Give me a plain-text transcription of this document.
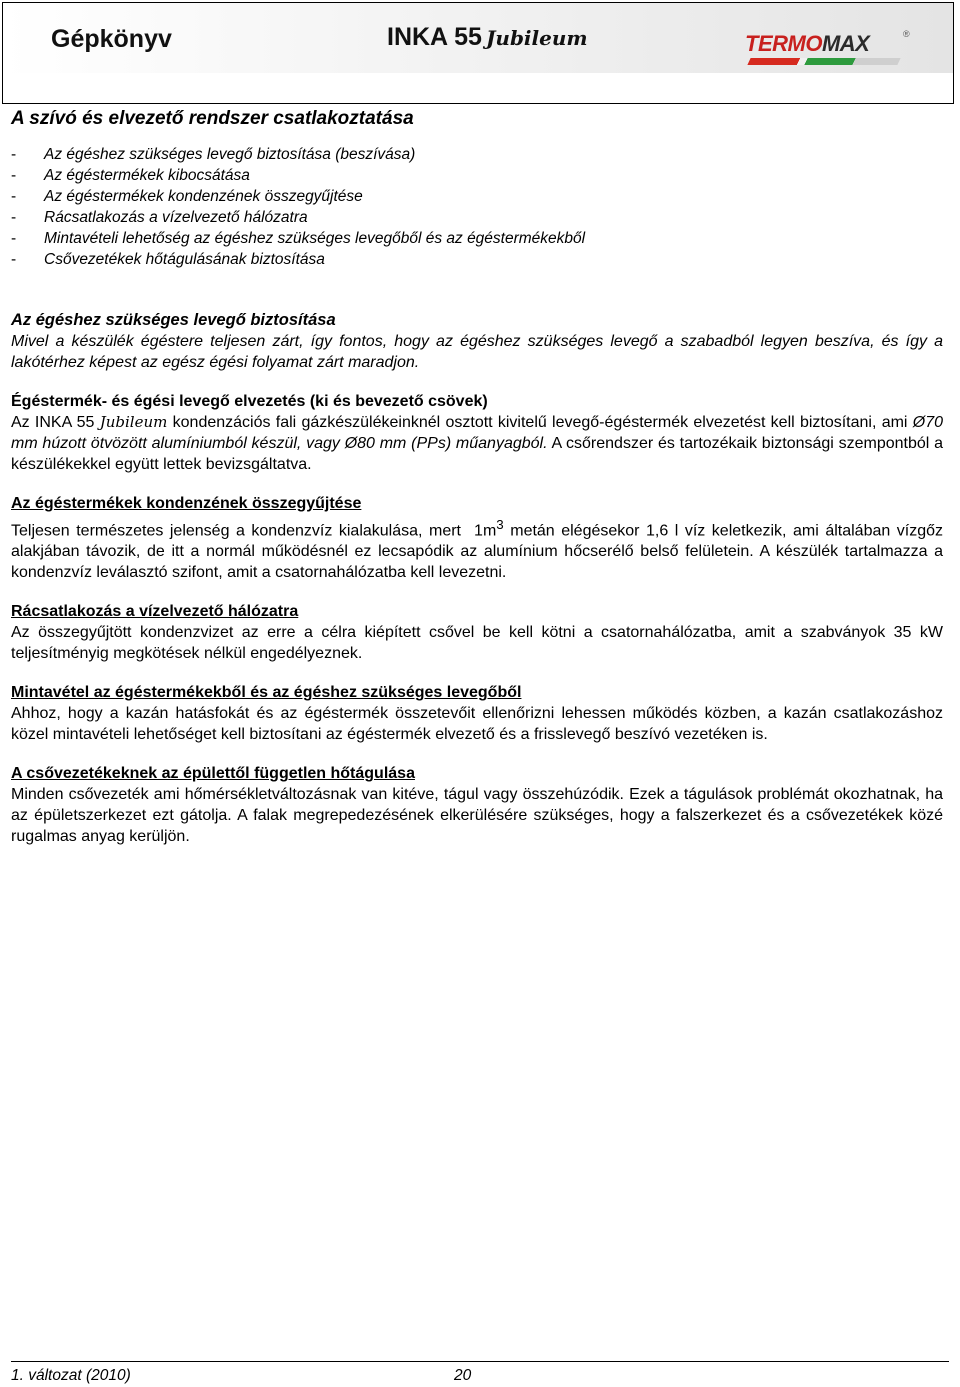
Gépkönyv	INKA 55 Jubileum	TERMOMAX	®
A szívó és elvezető rendszer csatlakoztatása
-	Az égéshez szükséges levegő biztosítása (beszívása)
-	Az égéstermékek kibocsátása
-	Az égéstermékek kondenzének összegyűjtése
-	Rácsatlakozás a vízelvezető hálózatra
-	Mintavételi lehetőség az égéshez szükséges levegőből és az égéstermékekből
-	Csővezetékek hőtágulásának biztosítása
Az égéshez szükséges levegő biztosítása

Mivel a készülék égéstere teljesen zárt, így fontos, hogy az égéshez szükséges levegő a szabadból legyen beszíva, és így a lakótérhez képest az egész égési folyamat zárt maradjon.

Égéstermék- és égési levegő elvezetés (ki és bevezető csövek)

Az INKA 55 Jubileum kondenzációs fali gázkészülékeinknél osztott kivitelű levegő-égéstermék elvezetést kell biztosítani, ami Ø70 mm húzott ötvözött alumíniumból készül, vagy Ø80 mm (PPs) műanyagból. A csőrendszer és tartozékaik biztonsági szempontból a készülékekkel együtt lettek bevizsgáltatva.

Az égéstermékek kondenzének összegyűjtése

Teljesen természetes jelenség a kondenzvíz kialakulása, mert $1m^3$ metán elégésekor 1,6 l víz keletkezik, ami általában vízgőz alakjában távozik, de itt a normál működésnél ez lecsapódik az alumínium hőcserélő belső felületein. A készülék tartalmazza a kondenzvíz leválasztó szifont, amit a csatornahálózatba kell levezetni.

Rácsatlakozás a vízelvezető hálózatra

Az összegyűjtött kondenzvizet az erre a célra kiépített csővel be kell kötni a csatornahálózatba, amit a szabványok 35 kW teljesítményig megkötések nélkül engedélyeznek.

Mintavétel az égéstermékekből és az égéshez szükséges levegőből

Ahhoz, hogy a kazán hatásfokát és az égéstermék összetevőit ellenőrizni lehessen működés közben, a kazán csatlakozáshoz közel mintavételi lehetőséget kell biztosítani az égéstermék elvezető és a frisslevegő beszívó vezetéken is.

A csővezetékeknek az épülettől független hőtágulása

Minden csővezeték ami hőmérsékletváltozásnak van kitéve, tágul vagy összehúzódik. Ezek a tágulások problémát okozhatnak, ha az épületszerkezet ezt gátolja. A falak megrepedezésének elkerülésére szükséges, hogy a falszerkezet és a csővezetékek közé rugalmas anyag kerüljön.

1. változat (2010)	20
